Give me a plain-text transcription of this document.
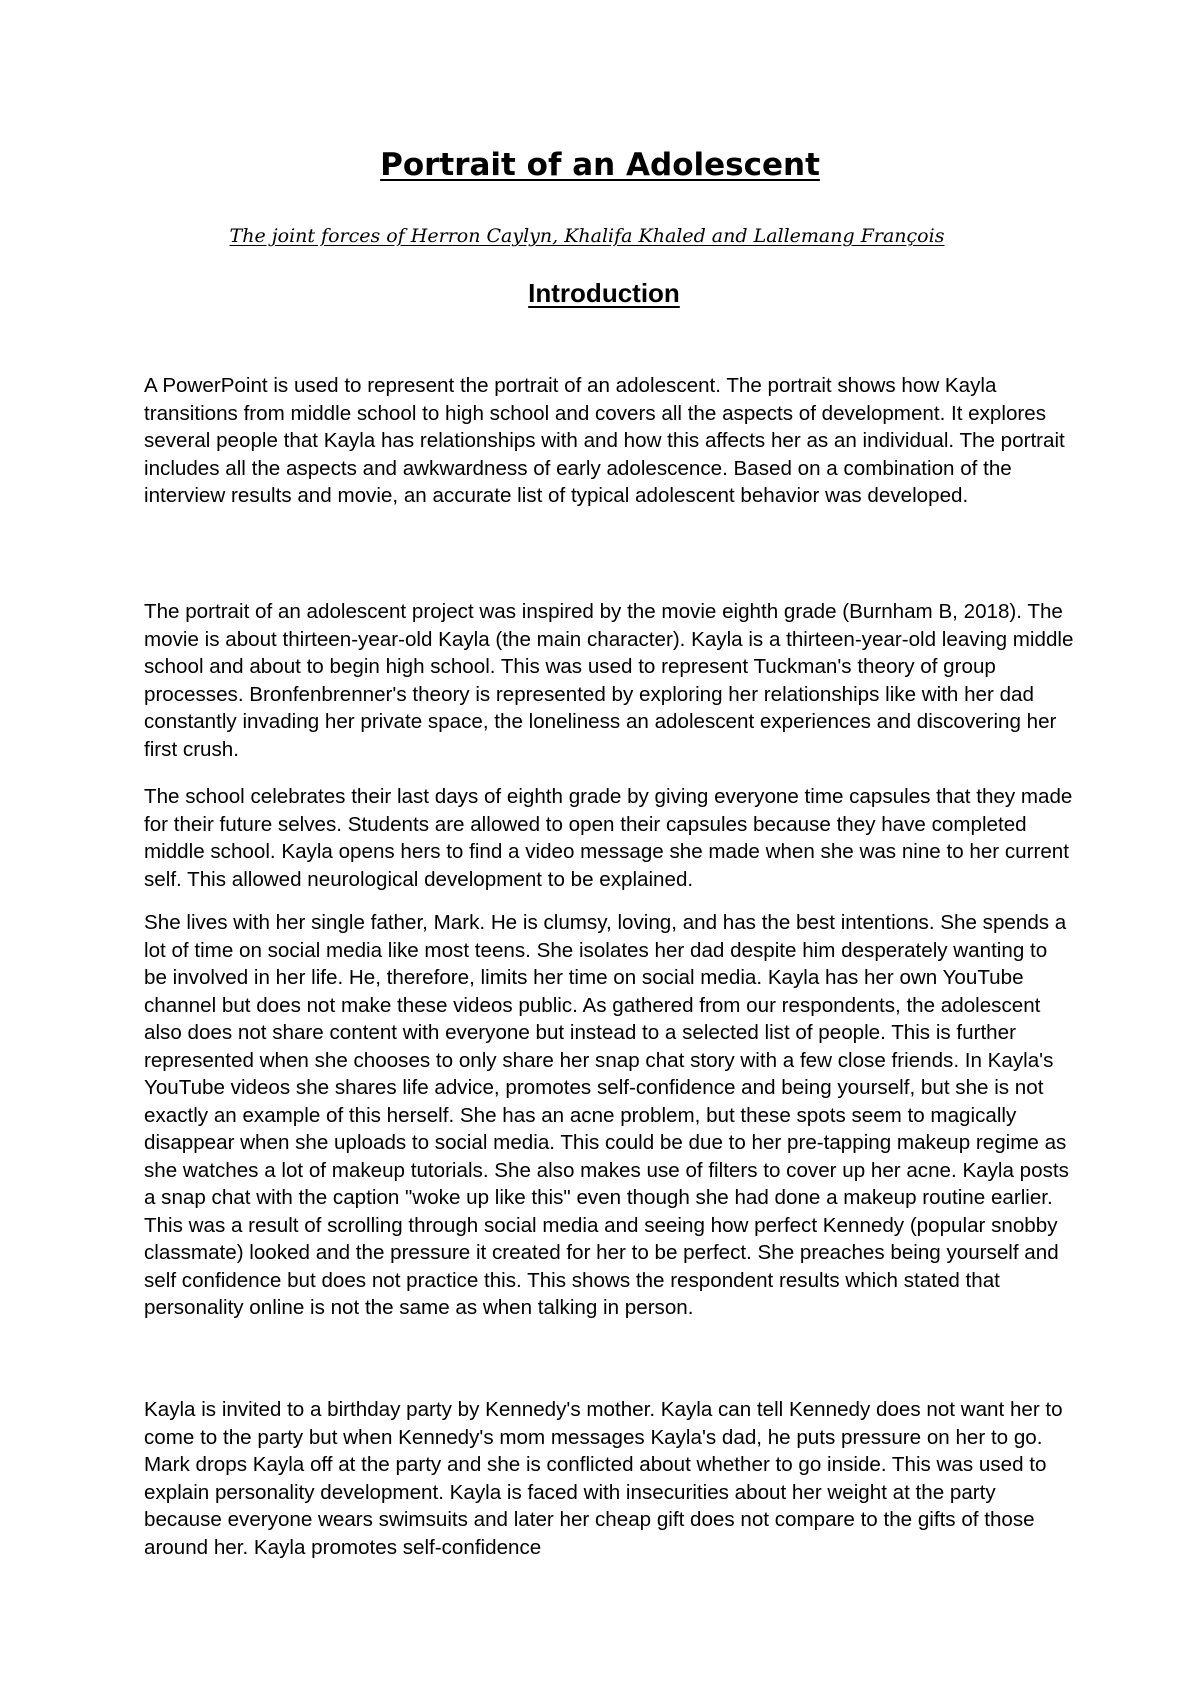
Portrait of an Adolescent

The joint forces of Herron Caylyn, Khalifa Khaled and Lallemang François

Introduction

A PowerPoint is used to represent the portrait of an adolescent. The portrait shows how Kayla transitions from middle school to high school and covers all the aspects of development. It explores several people that Kayla has relationships with and how this affects her as an individual. The portrait includes all the aspects and awkwardness of early adolescence. Based on a combination of the interview results and movie, an accurate list of typical adolescent behavior was developed.

The portrait of an adolescent project was inspired by the movie eighth grade (Burnham B, 2018). The movie is about thirteen-year-old Kayla (the main character). Kayla is a thirteen-year-old leaving middle school and about to begin high school. This was used to represent Tuckman's theory of group processes. Bronfenbrenner's theory is represented by exploring her relationships like with her dad constantly invading her private space, the loneliness an adolescent experiences and discovering her first crush.

The school celebrates their last days of eighth grade by giving everyone time capsules that they made for their future selves. Students are allowed to open their capsules because they have completed middle school. Kayla opens hers to find a video message she made when she was nine to her current self. This allowed neurological development to be explained.

She lives with her single father, Mark. He is clumsy, loving, and has the best intentions. She spends a lot of time on social media like most teens. She isolates her dad despite him desperately wanting to be involved in her life. He, therefore, limits her time on social media. Kayla has her own YouTube channel but does not make these videos public. As gathered from our respondents, the adolescent also does not share content with everyone but instead to a selected list of people. This is further represented when she chooses to only share her snap chat story with a few close friends. In Kayla's YouTube videos she shares life advice, promotes self-confidence and being yourself, but she is not exactly an example of this herself. She has an acne problem, but these spots seem to magically disappear when she uploads to social media. This could be due to her pre-tapping makeup regime as she watches a lot of makeup tutorials. She also makes use of filters to cover up her acne. Kayla posts a snap chat with the caption "woke up like this" even though she had done a makeup routine earlier. This was a result of scrolling through social media and seeing how perfect Kennedy (popular snobby classmate) looked and the pressure it created for her to be perfect. She preaches being yourself and self confidence but does not practice this. This shows the respondent results which stated that personality online is not the same as when talking in person.

Kayla is invited to a birthday party by Kennedy's mother. Kayla can tell Kennedy does not want her to come to the party but when Kennedy's mom messages Kayla's dad, he puts pressure on her to go. Mark drops Kayla off at the party and she is conflicted about whether to go inside. This was used to explain personality development. Kayla is faced with insecurities about her weight at the party because everyone wears swimsuits and later her cheap gift does not compare to the gifts of those around her. Kayla promotes self-confidence
